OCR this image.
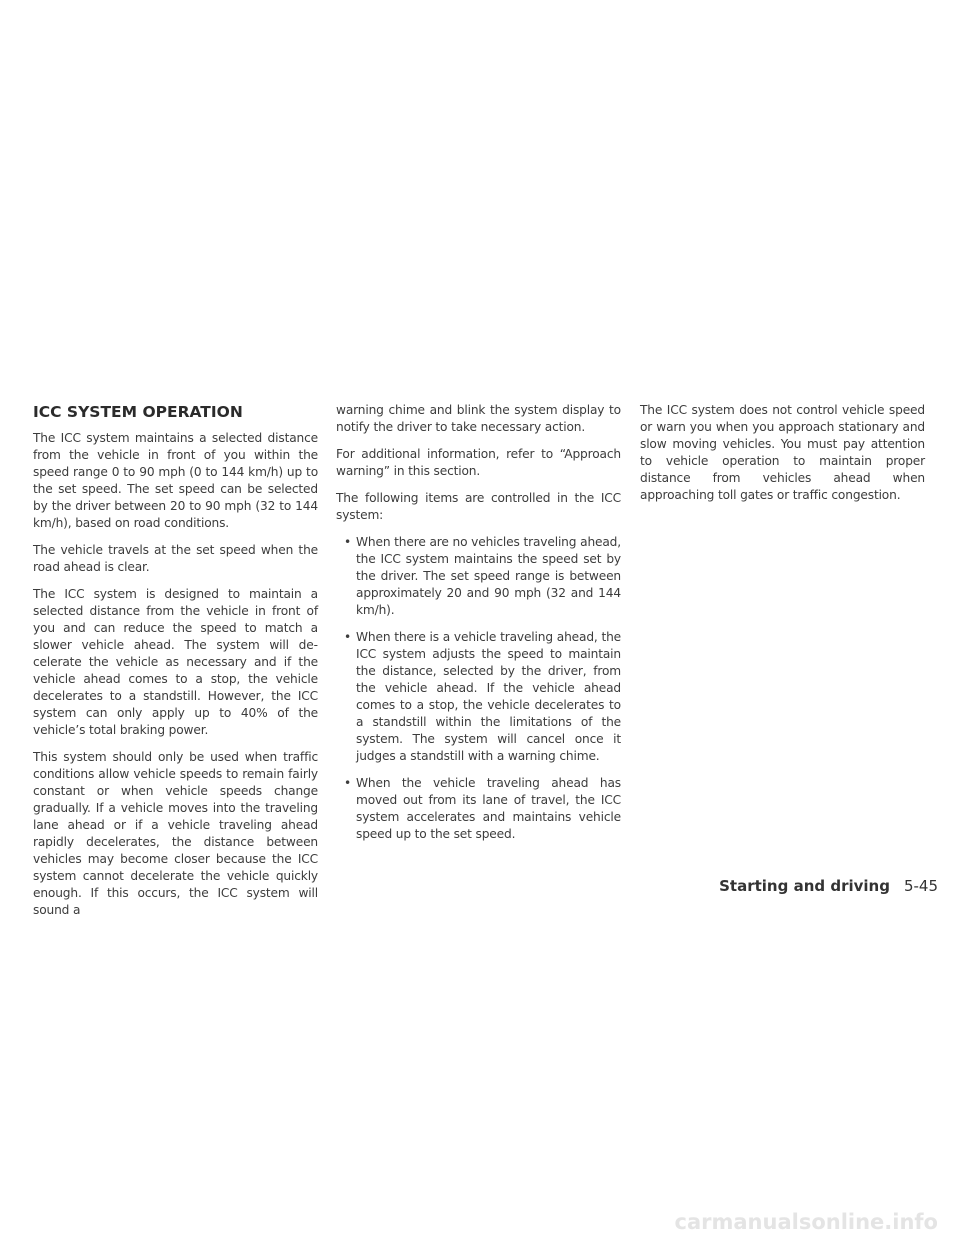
ICC SYSTEM OPERATION

The ICC system maintains a selected distance from the vehicle in front of you within the speed range 0 to 90 mph (0 to 144 km/h) up to the set speed. The set speed can be selected by the driver between 20 to 90 mph (32 to 144 km/h), based on road conditions.

The vehicle travels at the set speed when the road ahead is clear.

The ICC system is designed to maintain a selected distance from the vehicle in front of you and can reduce the speed to match a slower vehicle ahead. The system will decelerate the vehicle as necessary and if the vehicle ahead comes to a stop, the vehicle decelerates to a standstill. However, the ICC system can only apply up to 40% of the vehicle’s total braking power.

This system should only be used when traffic conditions allow vehicle speeds to remain fairly constant or when vehicle speeds change gradually. If a vehicle moves into the traveling lane ahead or if a vehicle traveling ahead rapidly decelerates, the distance between vehicles may become closer because the ICC system cannot decelerate the vehicle quickly enough. If this occurs, the ICC system will sound a

warning chime and blink the system display to notify the driver to take necessary action.

For additional information, refer to “Approach warning” in this section.

The following items are controlled in the ICC system:

• When there are no vehicles traveling ahead, the ICC system maintains the speed set by the driver. The set speed range is between approximately 20 and 90 mph (32 and 144 km/h).
• When there is a vehicle traveling ahead, the ICC system adjusts the speed to maintain the distance, selected by the driver, from the vehicle ahead. If the vehicle ahead comes to a stop, the vehicle decelerates to a standstill within the limitations of the system. The system will cancel once it judges a standstill with a warning chime.
• When the vehicle traveling ahead has moved out from its lane of travel, the ICC system accelerates and maintains vehicle speed up to the set speed.

The ICC system does not control vehicle speed or warn you when you approach stationary and slow moving vehicles. You must pay attention to vehicle operation to maintain proper distance from vehicles ahead when approaching toll gates or traffic congestion.

Starting and driving 5-45
carmanualsonline.info
